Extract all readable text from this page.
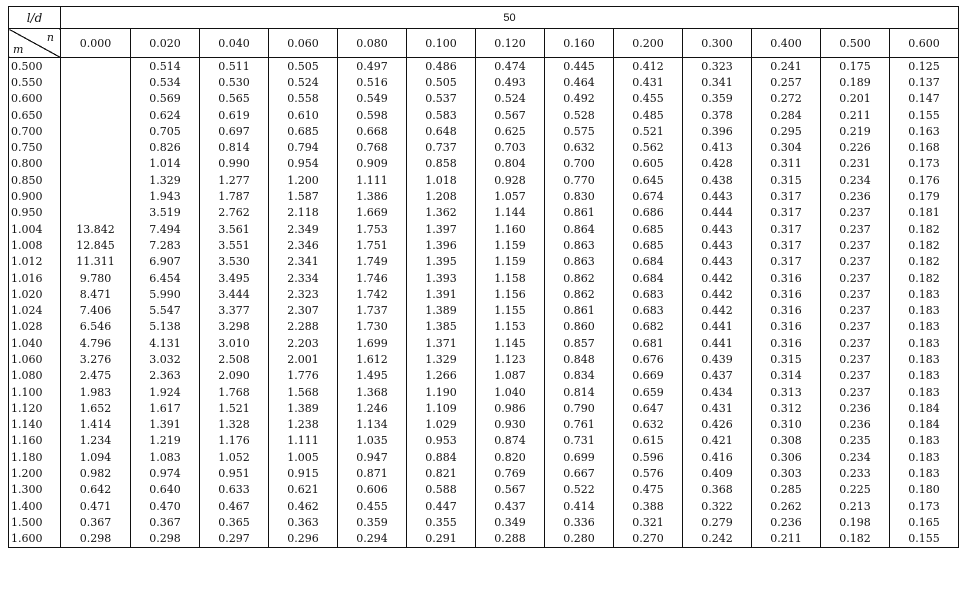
l/d	50												

n
m	0.000	0.020	0.040	0.060	0.080	0.100	0.120	0.160	0.200	0.300	0.400	0.500	0.600
0.500		0.514	0.511	0.505	0.497	0.486	0.474	0.445	0.412	0.323	0.241	0.175	0.125
0.550		0.534	0.530	0.524	0.516	0.505	0.493	0.464	0.431	0.341	0.257	0.189	0.137
0.600		0.569	0.565	0.558	0.549	0.537	0.524	0.492	0.455	0.359	0.272	0.201	0.147
0.650		0.624	0.619	0.610	0.598	0.583	0.567	0.528	0.485	0.378	0.284	0.211	0.155
0.700		0.705	0.697	0.685	0.668	0.648	0.625	0.575	0.521	0.396	0.295	0.219	0.163
0.750		0.826	0.814	0.794	0.768	0.737	0.703	0.632	0.562	0.413	0.304	0.226	0.168
0.800		1.014	0.990	0.954	0.909	0.858	0.804	0.700	0.605	0.428	0.311	0.231	0.173
0.850		1.329	1.277	1.200	1.111	1.018	0.928	0.770	0.645	0.438	0.315	0.234	0.176
0.900		1.943	1.787	1.587	1.386	1.208	1.057	0.830	0.674	0.443	0.317	0.236	0.179
0.950		3.519	2.762	2.118	1.669	1.362	1.144	0.861	0.686	0.444	0.317	0.237	0.181
1.004	13.842	7.494	3.561	2.349	1.753	1.397	1.160	0.864	0.685	0.443	0.317	0.237	0.182
1.008	12.845	7.283	3.551	2.346	1.751	1.396	1.159	0.863	0.685	0.443	0.317	0.237	0.182
1.012	11.311	6.907	3.530	2.341	1.749	1.395	1.159	0.863	0.684	0.443	0.317	0.237	0.182
1.016	9.780	6.454	3.495	2.334	1.746	1.393	1.158	0.862	0.684	0.442	0.316	0.237	0.182
1.020	8.471	5.990	3.444	2.323	1.742	1.391	1.156	0.862	0.683	0.442	0.316	0.237	0.183
1.024	7.406	5.547	3.377	2.307	1.737	1.389	1.155	0.861	0.683	0.442	0.316	0.237	0.183
1.028	6.546	5.138	3.298	2.288	1.730	1.385	1.153	0.860	0.682	0.441	0.316	0.237	0.183
1.040	4.796	4.131	3.010	2.203	1.699	1.371	1.145	0.857	0.681	0.441	0.316	0.237	0.183
1.060	3.276	3.032	2.508	2.001	1.612	1.329	1.123	0.848	0.676	0.439	0.315	0.237	0.183
1.080	2.475	2.363	2.090	1.776	1.495	1.266	1.087	0.834	0.669	0.437	0.314	0.237	0.183
1.100	1.983	1.924	1.768	1.568	1.368	1.190	1.040	0.814	0.659	0.434	0.313	0.237	0.183
1.120	1.652	1.617	1.521	1.389	1.246	1.109	0.986	0.790	0.647	0.431	0.312	0.236	0.184
1.140	1.414	1.391	1.328	1.238	1.134	1.029	0.930	0.761	0.632	0.426	0.310	0.236	0.184
1.160	1.234	1.219	1.176	1.111	1.035	0.953	0.874	0.731	0.615	0.421	0.308	0.235	0.183
1.180	1.094	1.083	1.052	1.005	0.947	0.884	0.820	0.699	0.596	0.416	0.306	0.234	0.183
1.200	0.982	0.974	0.951	0.915	0.871	0.821	0.769	0.667	0.576	0.409	0.303	0.233	0.183
1.300	0.642	0.640	0.633	0.621	0.606	0.588	0.567	0.522	0.475	0.368	0.285	0.225	0.180
1.400	0.471	0.470	0.467	0.462	0.455	0.447	0.437	0.414	0.388	0.322	0.262	0.213	0.173
1.500	0.367	0.367	0.365	0.363	0.359	0.355	0.349	0.336	0.321	0.279	0.236	0.198	0.165
1.600	0.298	0.298	0.297	0.296	0.294	0.291	0.288	0.280	0.270	0.242	0.211	0.182	0.155
